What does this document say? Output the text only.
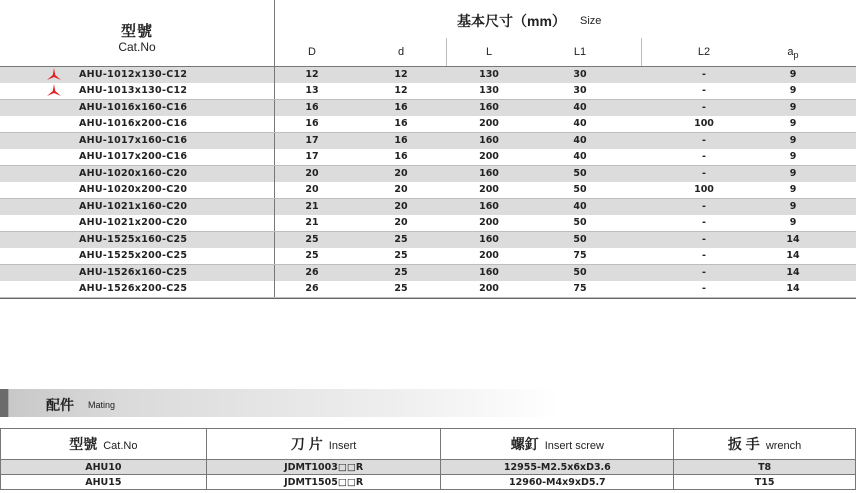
型號
Cat.No
基本尺寸（mm） Size
D	d	L	L1	L2	$a_p$
AHU-1012x130-C12	12	12	130	30	-	9
AHU-1013x130-C12	13	12	130	30	-	9
AHU-1016x160-C16	16	16	160	40	-	9
AHU-1016x200-C16	16	16	200	40	100	9
AHU-1017x160-C16	17	16	160	40	-	9
AHU-1017x200-C16	17	16	200	40	-	9
AHU-1020x160-C20	20	20	160	50	-	9
AHU-1020x200-C20	20	20	200	50	100	9
AHU-1021x160-C20	21	20	160	40	-	9
AHU-1021x200-C20	21	20	200	50	-	9
AHU-1525x160-C25	25	25	160	50	-	14
AHU-1525x200-C25	25	25	200	75	-	14
AHU-1526x160-C25	26	25	160	50	-	14
AHU-1526x200-C25	26	25	200	75	-	14
配件 Mating
型號 Cat.No	刀 片 Insert	螺釘 Insert screw	扳 手 wrench
AHU10	JDMT1003□□R	12955-M2.5x6xD3.6	T8
AHU15	JDMT1505□□R	12960-M4x9xD5.7	T15
